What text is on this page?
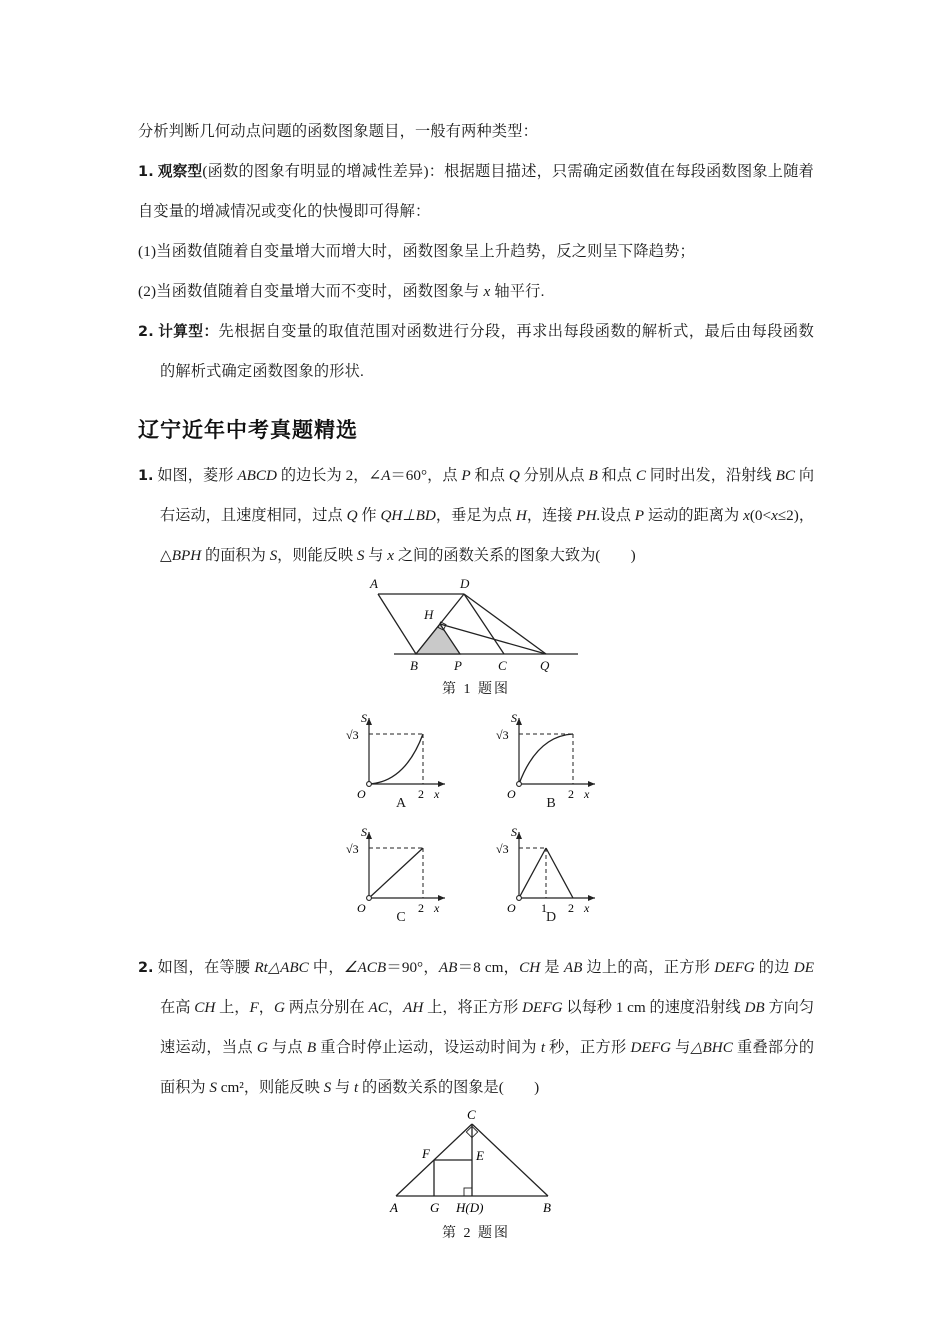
分析判断几何动点问题的函数图象题目，一般有两种类型：

1. 观察型(函数的图象有明显的增减性差异)：根据题目描述，只需确定函数值在每段函数图象上随着自变量的增减情况或变化的快慢即可得解：

(1)当函数值随着自变量增大而增大时，函数图象呈上升趋势，反之则呈下降趋势；

(2)当函数值随着自变量增大而不变时，函数图象与 x 轴平行.

2. 计算型：先根据自变量的取值范围对函数进行分段，再求出每段函数的解析式，最后由每段函数的解析式确定函数图象的形状.

辽宁近年中考真题精选

1. 如图，菱形 ABCD 的边长为 2，∠A＝60°，点 P 和点 Q 分别从点 B 和点 C 同时出发，沿射线 BC 向右运动，且速度相同，过点 Q 作 QH⊥BD，垂足为点 H，连接 PH.设点 P 运动的距离为 x(0<x≤2)，△BPH 的面积为 S，则能反映 S 与 x 之间的函数关系的图象大致为(　　)

A	D
H
B	P	C	Q
第 1 题图
S
x
O
√3
2
A
S
x
O
√3
2
B
S
x
O
√3
2
C
S
x
O
√3
1 2
D

2. 如图，在等腰 Rt△ABC 中，∠ACB＝90°，AB＝8 cm，CH 是 AB 边上的高，正方形 DEFG 的边 DE 在高 CH 上，F，G 两点分别在 AC，AH 上，将正方形 DEFG 以每秒 1 cm 的速度沿射线 DB 方向匀速运动，当点 G 与点 B 重合时停止运动，设运动时间为 t 秒，正方形 DEFG 与△BHC 重叠部分的面积为 S cm²，则能反映 S 与 t 的函数关系的图象是(　　)

C
F	E
A G H(D)	B
第 2 题图
